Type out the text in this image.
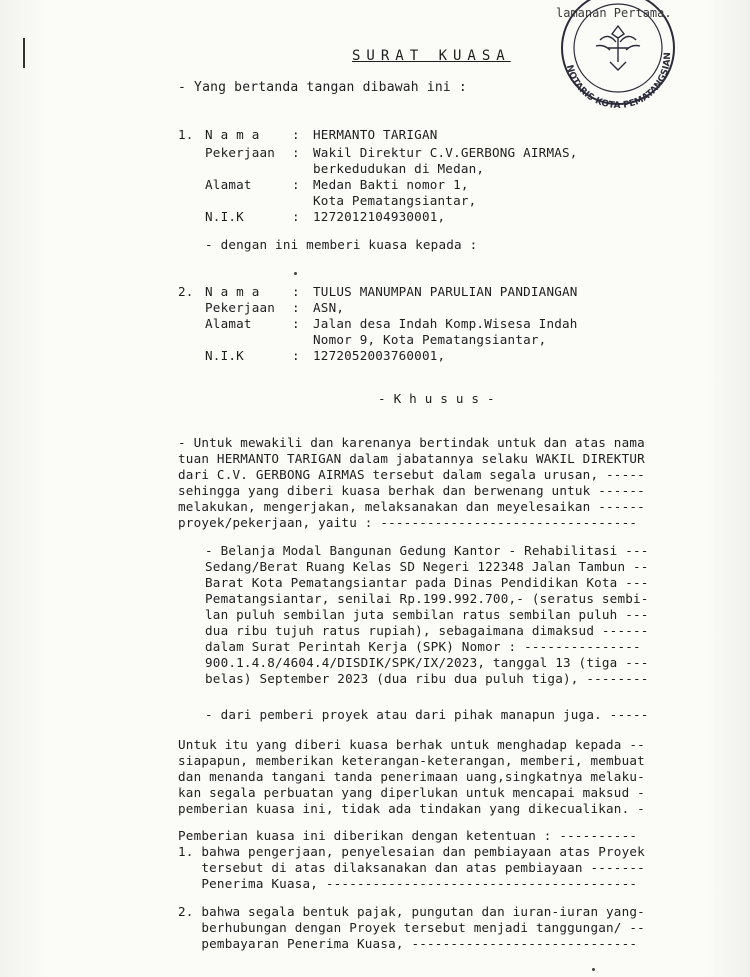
NOTARIS KOTA PEMATANGSIAN
lamanan Pertama.
SURAT KUASA
- Yang bertanda tangan dibawah ini :
1. N a m a	: HERMANTO TARIGAN
Pekerjaan : Wakil Direktur C.V.GERBONG AIRMAS,
berkedudukan di Medan,
Alamat	: Medan Bakti nomor 1,
Kota Pematangsiantar,
N.I.K	: 1272012104930001,
- dengan ini memberi kuasa kepada :
2. N a m a	: TULUS MANUMPAN PARULIAN PANDIANGAN
Pekerjaan : ASN,
Alamat	: Jalan desa Indah Komp.Wisesa Indah
Nomor 9, Kota Pematangsiantar,
N.I.K	: 1272052003760001,
- K h u s u s -
- Untuk mewakili dan karenanya bertindak untuk dan atas nama
tuan HERMANTO TARIGAN dalam jabatannya selaku WAKIL DIREKTUR
dari C.V. GERBONG AIRMAS tersebut dalam segala urusan, -----
sehingga yang diberi kuasa berhak dan berwenang untuk ------
melakukan, mengerjakan, melaksanakan dan meyelesaikan ------
proyek/pekerjaan, yaitu : ---------------------------------
- Belanja Modal Bangunan Gedung Kantor - Rehabilitasi ---
Sedang/Berat Ruang Kelas SD Negeri 122348 Jalan Tambun --
Barat Kota Pematangsiantar pada Dinas Pendidikan Kota ---
Pematangsiantar, senilai Rp.199.992.700,- (seratus sembi-
lan puluh sembilan juta sembilan ratus sembilan puluh ---
dua ribu tujuh ratus rupiah), sebagaimana dimaksud ------
dalam Surat Perintah Kerja (SPK) Nomor : ---------------
900.1.4.8/4604.4/DISDIK/SPK/IX/2023, tanggal 13 (tiga ---
belas) September 2023 (dua ribu dua puluh tiga), --------
- dari pemberi proyek atau dari pihak manapun juga. -----
Untuk itu yang diberi kuasa berhak untuk menghadap kepada --
siapapun, memberikan keterangan-keterangan, memberi, membuat
dan menanda tangani tanda penerimaan uang,singkatnya melaku-
kan segala perbuatan yang diperlukan untuk mencapai maksud -
pemberian kuasa ini, tidak ada tindakan yang dikecualikan. -
Pemberian kuasa ini diberikan dengan ketentuan : ----------
1. bahwa pengerjaan, penyelesaian dan pembiayaan atas Proyek
tersebut di atas dilaksanakan dan atas pembiayaan -------
Penerima Kuasa, ----------------------------------------
2. bahwa segala bentuk pajak, pungutan dan iuran-iuran yang-
berhubungan dengan Proyek tersebut menjadi tanggungan/ --
pembayaran Penerima Kuasa, -----------------------------
